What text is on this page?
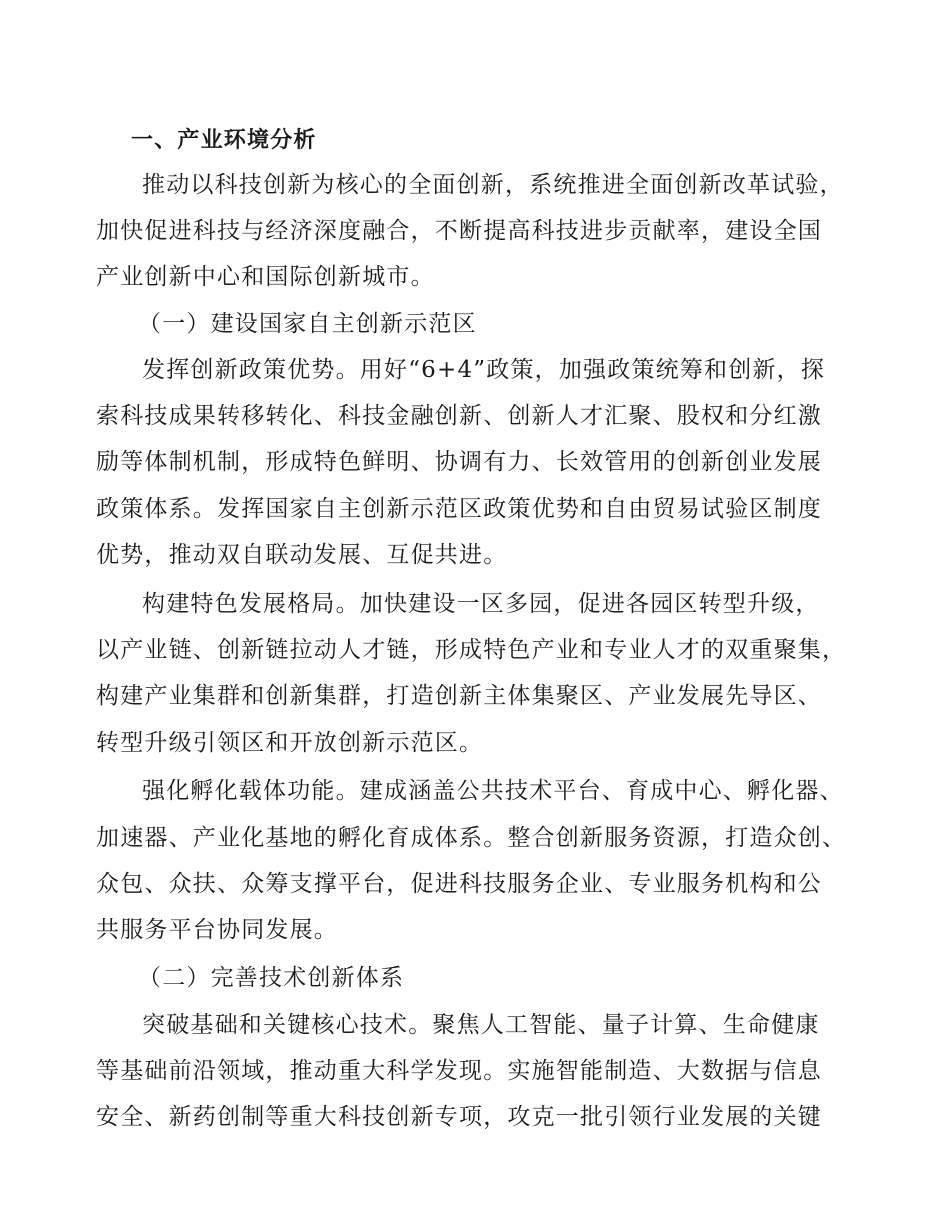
一、产业环境分析
推动以科技创新为核心的全面创新，系统推进全面创新改革试验，
加快促进科技与经济深度融合，不断提高科技进步贡献率，建设全国
产业创新中心和国际创新城市。
（一）建设国家自主创新示范区
发挥创新政策优势。用好“6+4”政策，加强政策统筹和创新，探
索科技成果转移转化、科技金融创新、创新人才汇聚、股权和分红激
励等体制机制，形成特色鲜明、协调有力、长效管用的创新创业发展
政策体系。发挥国家自主创新示范区政策优势和自由贸易试验区制度
优势，推动双自联动发展、互促共进。
构建特色发展格局。加快建设一区多园，促进各园区转型升级，
以产业链、创新链拉动人才链，形成特色产业和专业人才的双重聚集，
构建产业集群和创新集群，打造创新主体集聚区、产业发展先导区、
转型升级引领区和开放创新示范区。
强化孵化载体功能。建成涵盖公共技术平台、育成中心、孵化器、
加速器、产业化基地的孵化育成体系。整合创新服务资源，打造众创、
众包、众扶、众筹支撑平台，促进科技服务企业、专业服务机构和公
共服务平台协同发展。
（二）完善技术创新体系
突破基础和关键核心技术。聚焦人工智能、量子计算、生命健康
等基础前沿领域，推动重大科学发现。实施智能制造、大数据与信息
安全、新药创制等重大科技创新专项，攻克一批引领行业发展的关键
